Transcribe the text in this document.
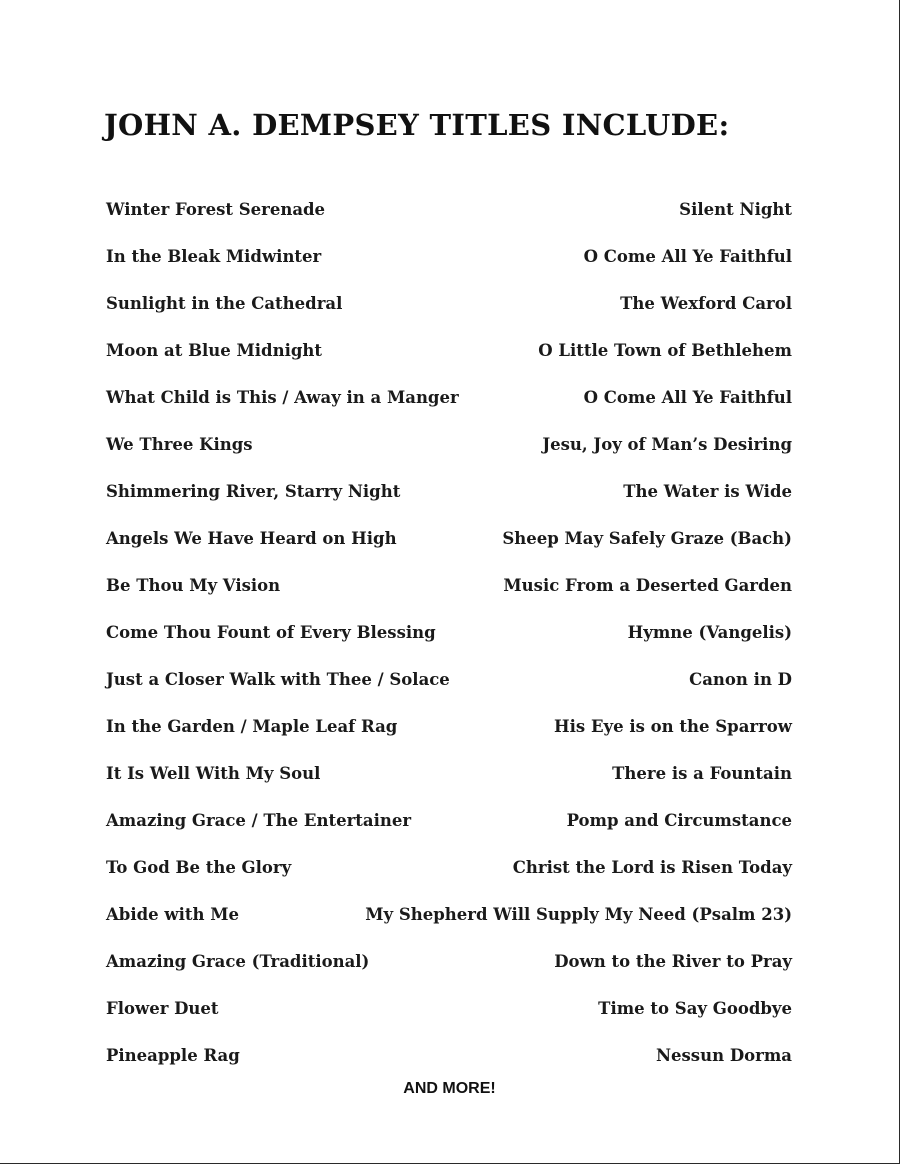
JOHN A. DEMPSEY TITLES INCLUDE:
Winter Forest Serenade	Silent Night
In the Bleak Midwinter	O Come All Ye Faithful
Sunlight in the Cathedral	The Wexford Carol
Moon at Blue Midnight	O Little Town of Bethlehem
What Child is This / Away in a Manger	O Come All Ye Faithful
We Three Kings	Jesu, Joy of Man’s Desiring
Shimmering River, Starry Night	The Water is Wide
Angels We Have Heard on High	Sheep May Safely Graze (Bach)
Be Thou My Vision	Music From a Deserted Garden
Come Thou Fount of Every Blessing	Hymne (Vangelis)
Just a Closer Walk with Thee / Solace	Canon in D
In the Garden / Maple Leaf Rag	His Eye is on the Sparrow
It Is Well With My Soul	There is a Fountain
Amazing Grace / The Entertainer	Pomp and Circumstance
To God Be the Glory	Christ the Lord is Risen Today
Abide with Me	My Shepherd Will Supply My Need (Psalm 23)
Amazing Grace (Traditional)	Down to the River to Pray
Flower Duet	Time to Say Goodbye
Pineapple Rag	Nessun Dorma
AND MORE!
